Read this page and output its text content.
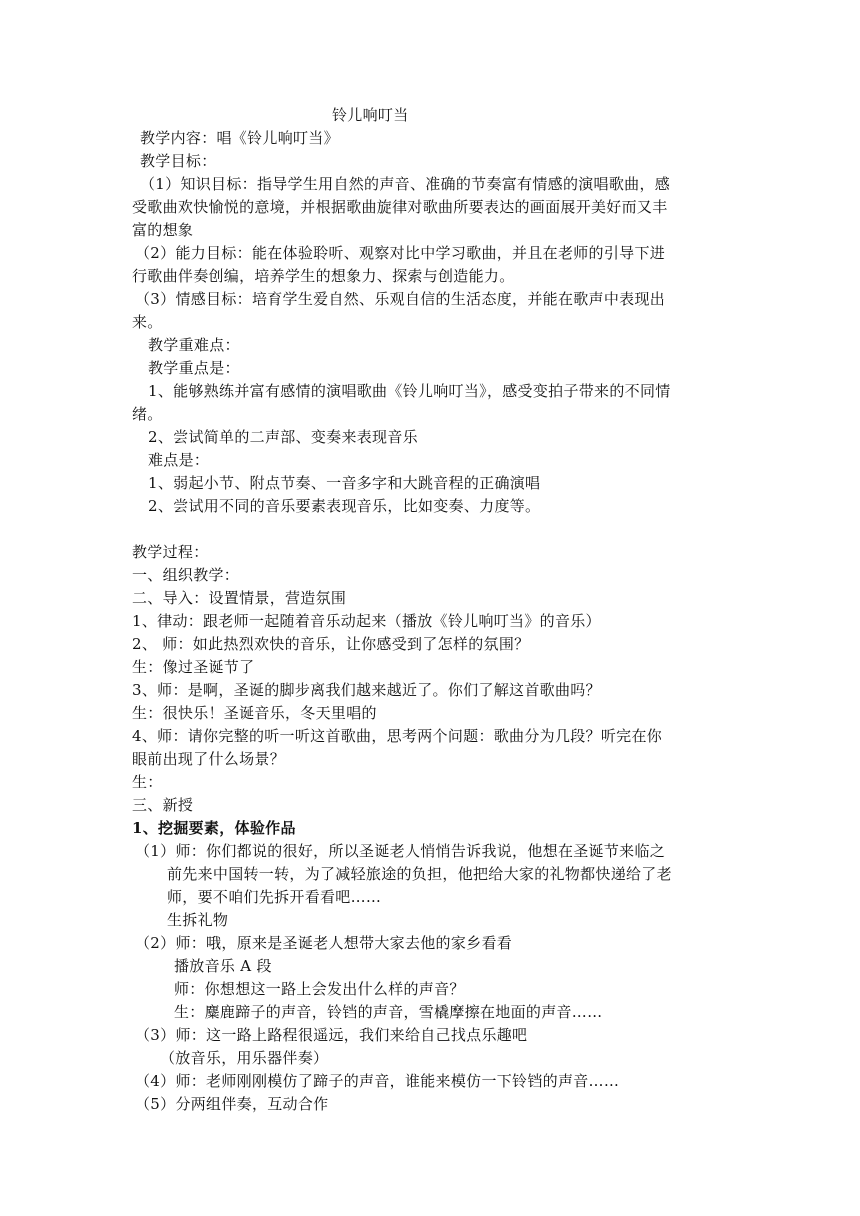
铃儿响叮当
教学内容：唱《铃儿响叮当》
教学目标：
（1）知识目标：指导学生用自然的声音、准确的节奏富有情感的演唱歌曲，感
受歌曲欢快愉悦的意境，并根据歌曲旋律对歌曲所要表达的画面展开美好而又丰
富的想象
（2）能力目标：能在体验聆听、观察对比中学习歌曲，并且在老师的引导下进
行歌曲伴奏创编，培养学生的想象力、探索与创造能力。
（3）情感目标：培育学生爱自然、乐观自信的生活态度，并能在歌声中表现出
来。
教学重难点：
教学重点是：
1、能够熟练并富有感情的演唱歌曲《铃儿响叮当》，感受变拍子带来的不同情
绪。
2、尝试简单的二声部、变奏来表现音乐
难点是：
1、弱起小节、附点节奏、一音多字和大跳音程的正确演唱
2、尝试用不同的音乐要素表现音乐，比如变奏、力度等。
教学过程：
一、组织教学：
二、导入：设置情景，营造氛围
1、律动：跟老师一起随着音乐动起来（播放《铃儿响叮当》的音乐）
2、 师：如此热烈欢快的音乐，让你感受到了怎样的氛围？
生：像过圣诞节了
3、师：是啊，圣诞的脚步离我们越来越近了。你们了解这首歌曲吗？
生：很快乐！圣诞音乐，冬天里唱的
4、师：请你完整的听一听这首歌曲，思考两个问题：歌曲分为几段？听完在你
眼前出现了什么场景？
生：
三、新授
1、挖掘要素，体验作品
（1）师：你们都说的很好，所以圣诞老人悄悄告诉我说，他想在圣诞节来临之
前先来中国转一转，为了减轻旅途的负担，他把给大家的礼物都快递给了老
师，要不咱们先拆开看看吧……
生拆礼物
（2）师：哦，原来是圣诞老人想带大家去他的家乡看看
播放音乐 A 段
师：你想想这一路上会发出什么样的声音？
生：麋鹿蹄子的声音，铃铛的声音，雪橇摩擦在地面的声音……
（3）师：这一路上路程很遥远，我们来给自己找点乐趣吧
（放音乐，用乐器伴奏）
（4）师：老师刚刚模仿了蹄子的声音，谁能来模仿一下铃铛的声音……
（5）分两组伴奏，互动合作
